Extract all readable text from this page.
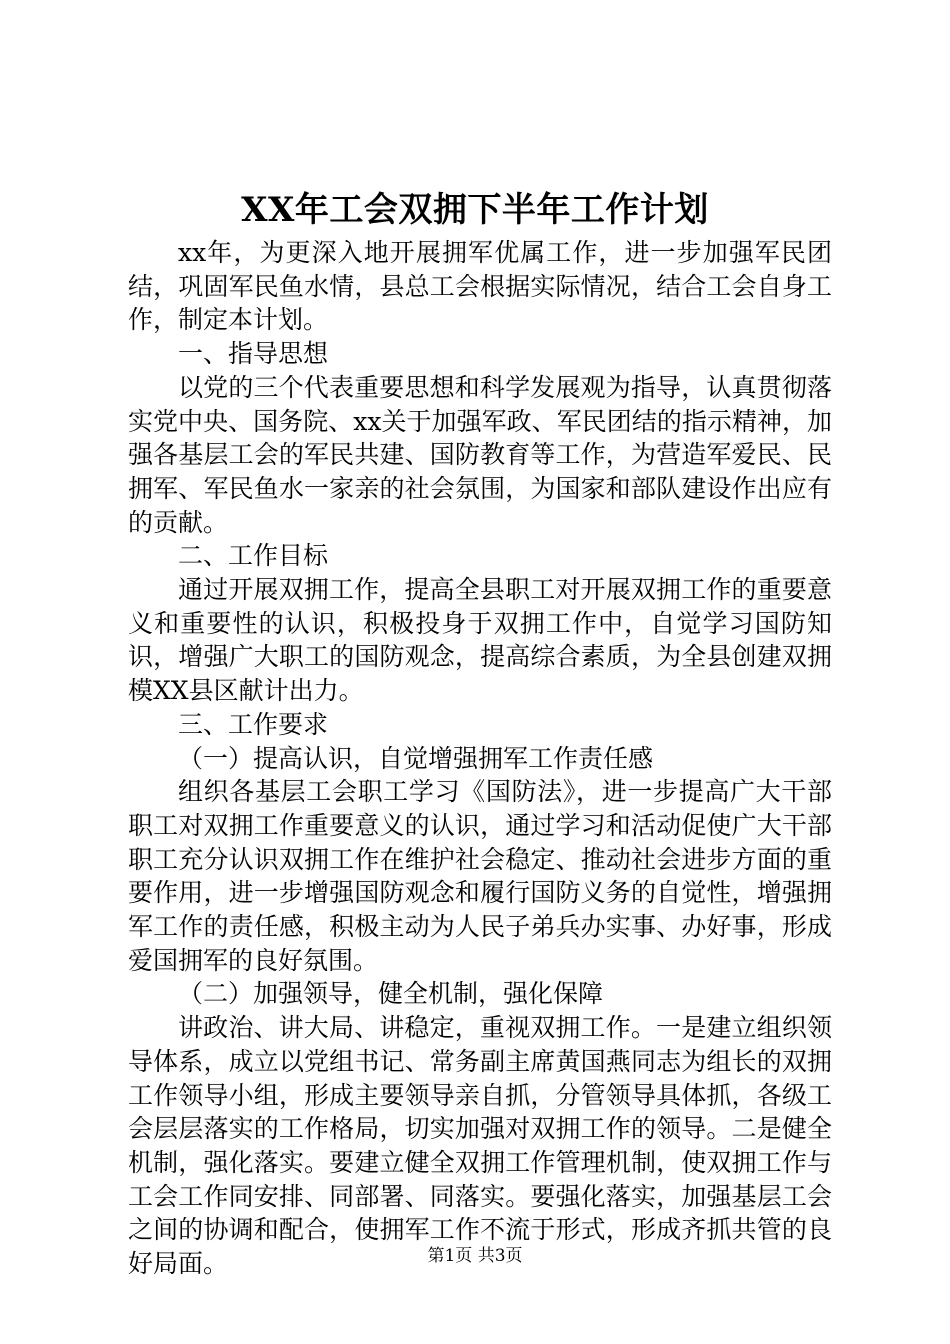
XX年工会双拥下半年工作计划

xx年，为更深入地开展拥军优属工作，进一步加强军民团结，巩固军民鱼水情，县总工会根据实际情况，结合工会自身工作，制定本计划。

一、指导思想

以党的三个代表重要思想和科学发展观为指导，认真贯彻落实党中央、国务院、xx关于加强军政、军民团结的指示精神，加强各基层工会的军民共建、国防教育等工作，为营造军爱民、民拥军、军民鱼水一家亲的社会氛围，为国家和部队建设作出应有的贡献。

二、工作目标

通过开展双拥工作，提高全县职工对开展双拥工作的重要意义和重要性的认识，积极投身于双拥工作中，自觉学习国防知识，增强广大职工的国防观念，提高综合素质，为全县创建双拥模XX县区献计出力。

三、工作要求

（一）提高认识，自觉增强拥军工作责任感

组织各基层工会职工学习《国防法》，进一步提高广大干部职工对双拥工作重要意义的认识，通过学习和活动促使广大干部职工充分认识双拥工作在维护社会稳定、推动社会进步方面的重要作用，进一步增强国防观念和履行国防义务的自觉性，增强拥军工作的责任感，积极主动为人民子弟兵办实事、办好事，形成爱国拥军的良好氛围。

（二）加强领导，健全机制，强化保障

讲政治、讲大局、讲稳定，重视双拥工作。一是建立组织领导体系，成立以党组书记、常务副主席黄国燕同志为组长的双拥工作领导小组，形成主要领导亲自抓，分管领导具体抓，各级工会层层落实的工作格局，切实加强对双拥工作的领导。二是健全机制，强化落实。要建立健全双拥工作管理机制，使双拥工作与工会工作同安排、同部署、同落实。要强化落实，加强基层工会之间的协调和配合，使拥军工作不流于形式，形成齐抓共管的良好局面。	第1页 共3页
